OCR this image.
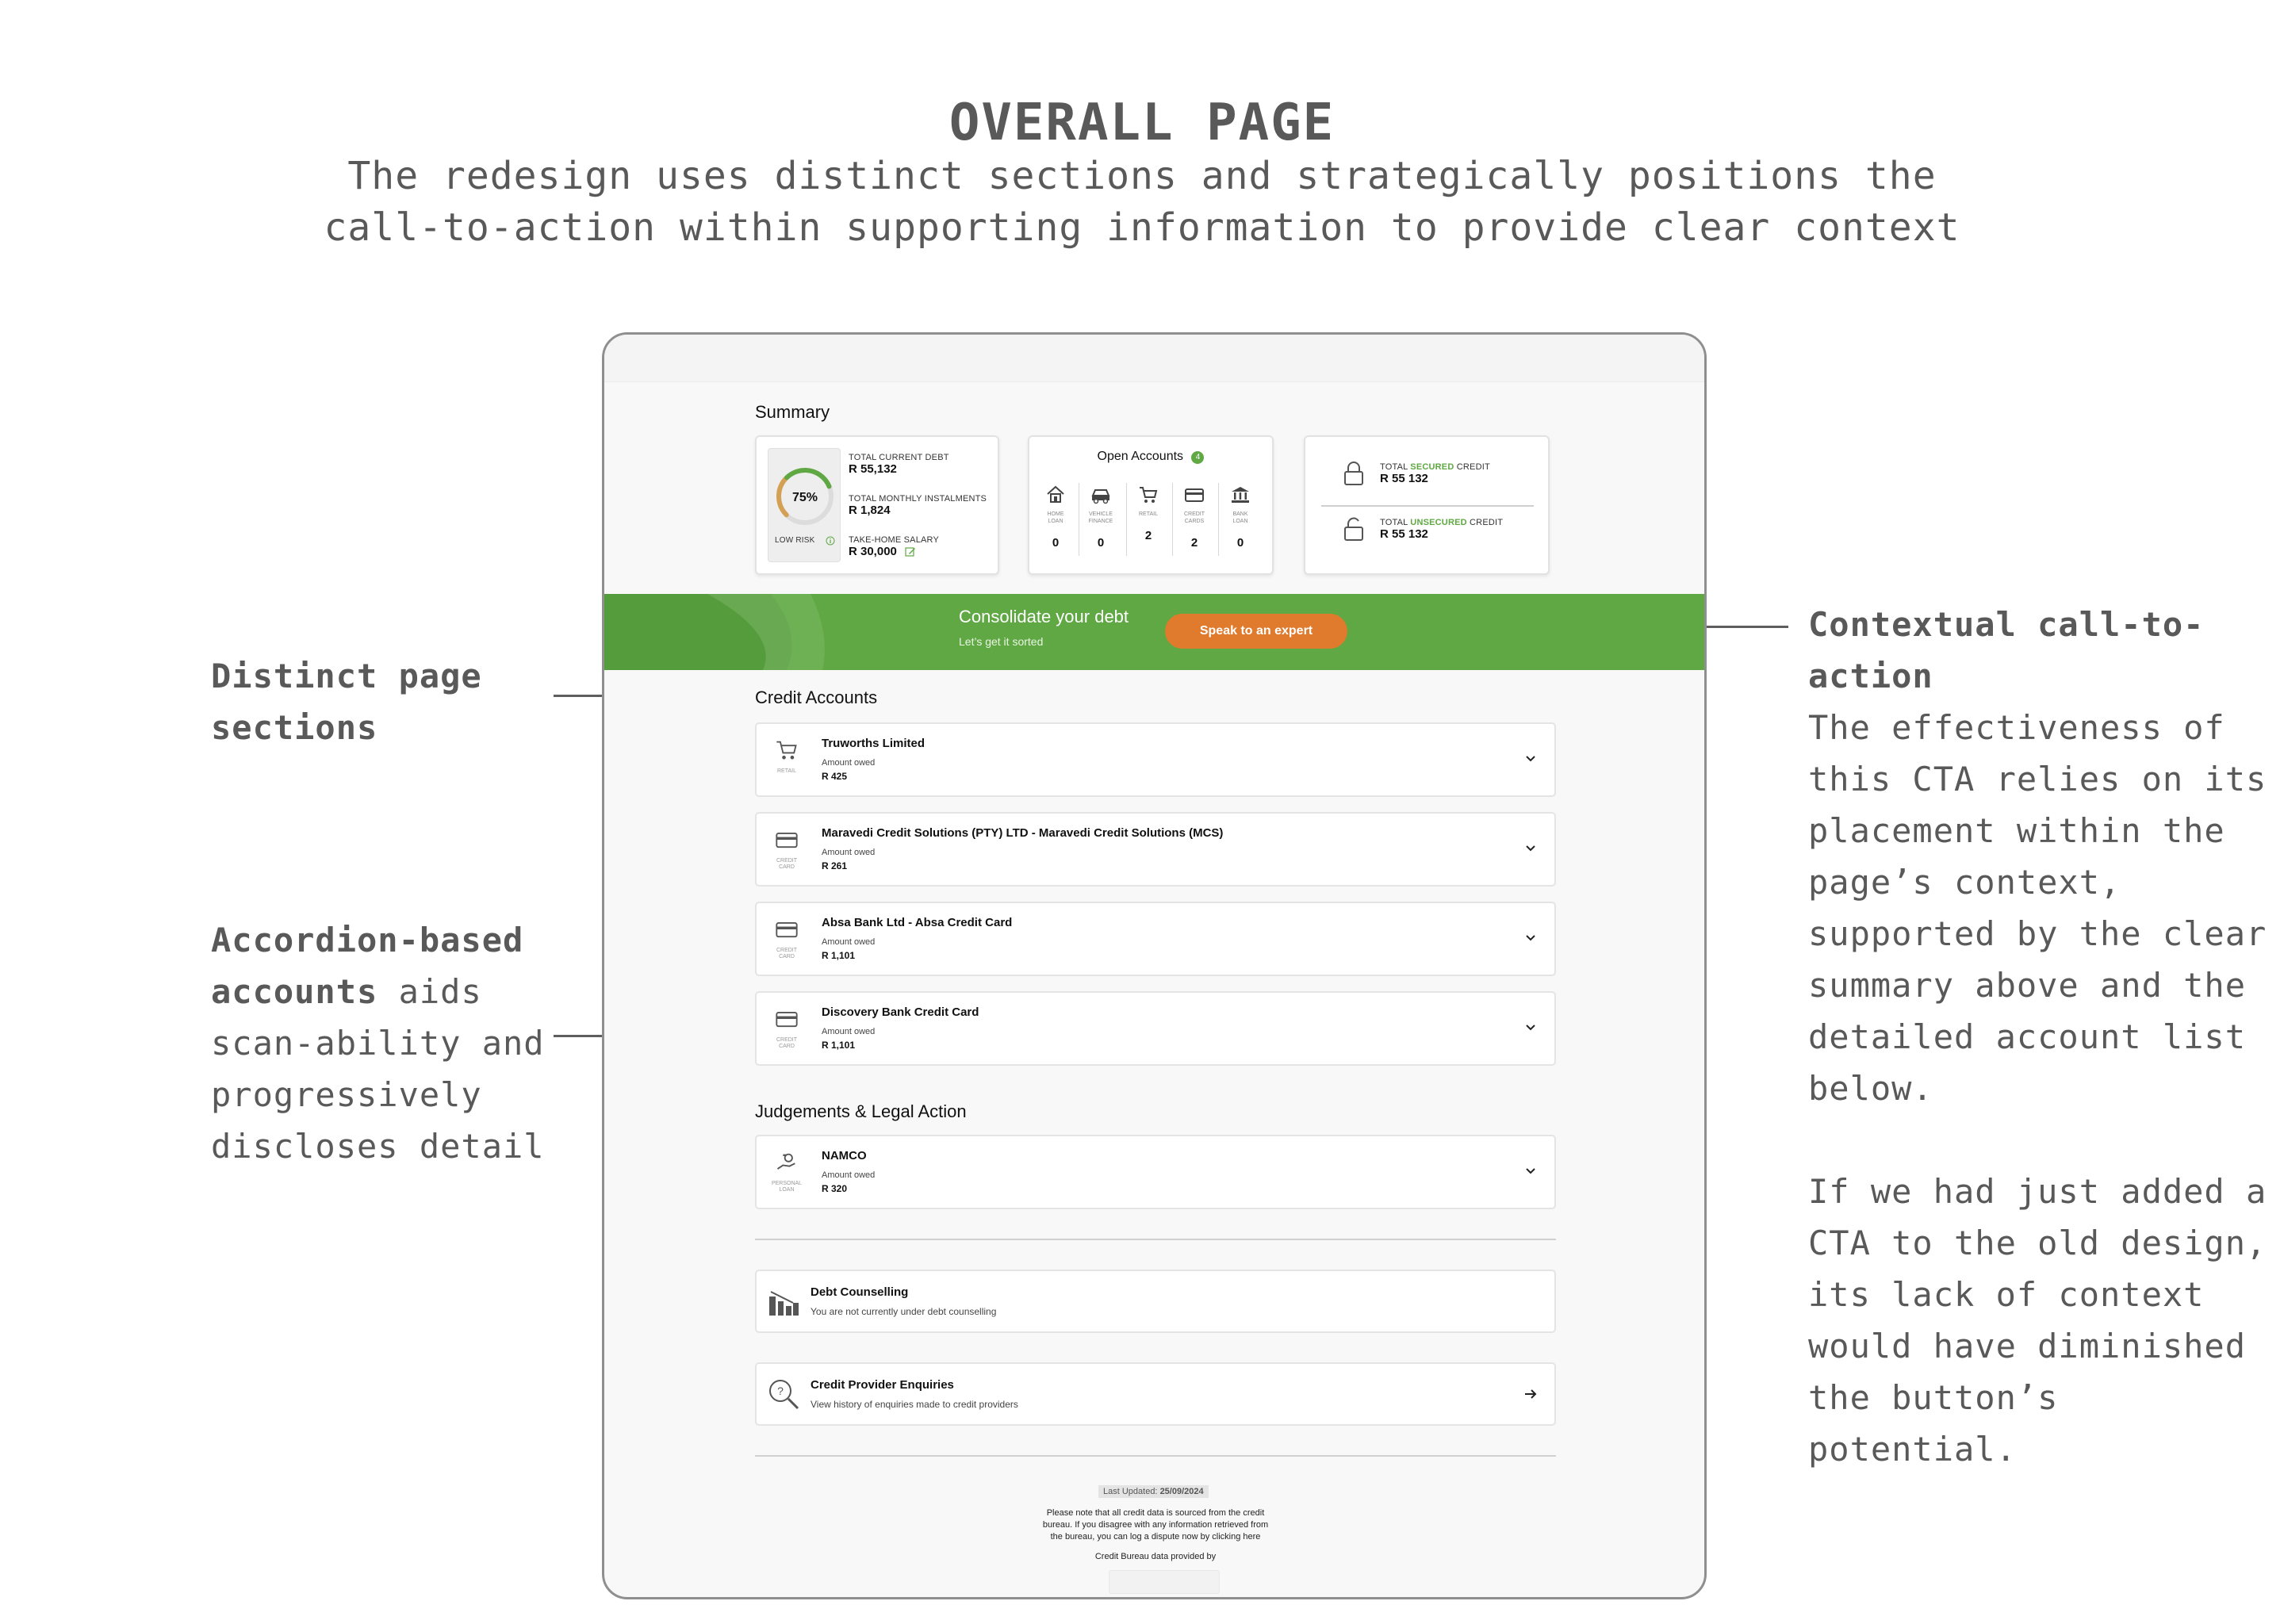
OVERALL PAGE
The redesign uses distinct sections and strategically positions the
call-to-action within supporting information to provide clear context
Distinct page
sections
Accordion-based
accounts aids
scan-ability and
progressively
discloses detail
Contextual call-to-
action
The effectiveness of
this CTA relies on its
placement within the
page’s context,
supported by the clear
summary above and the
detailed account list
below.
If we had just added a
CTA to the old design,
its lack of context
would have diminished
the button’s potential.
Summary
75%
LOW RISK
TOTAL CURRENT DEBT
R 55,132
TOTAL MONTHLY INSTALMENTS
R 1,824
TAKE-HOME SALARY
R 30,000
Open Accounts 4
HOME
LOAN
0
VEHICLE
FINANCE
0
RETAIL
2
CREDIT
CARDS
2
BANK
LOAN
0
TOTAL SECURED CREDIT
R 55 132
TOTAL UNSECURED CREDIT
R 55 132
Consolidate your debt
Let’s get it sorted
Speak to an expert
Credit Accounts
RETAIL
Truworths Limited
Amount owed
R 425
CREDIT CARD
Maravedi Credit Solutions (PTY) LTD - Maravedi Credit Solutions (MCS)
Amount owed
R 261
CREDIT CARD
Absa Bank Ltd - Absa Credit Card
Amount owed
R 1,101
CREDIT CARD
Discovery Bank Credit Card
Amount owed
R 1,101
Judgements & Legal Action
PERSONAL
LOAN
NAMCO
Amount owed
R 320
Debt Counselling
You are not currently under debt counselling
? Credit Provider Enquiries
View history of enquiries made to credit providers
Last Updated: 25/09/2024
Please note that all credit data is sourced from the credit
bureau. If you disagree with any information retrieved from
the bureau, you can log a dispute now by clicking here
Credit Bureau data provided by
